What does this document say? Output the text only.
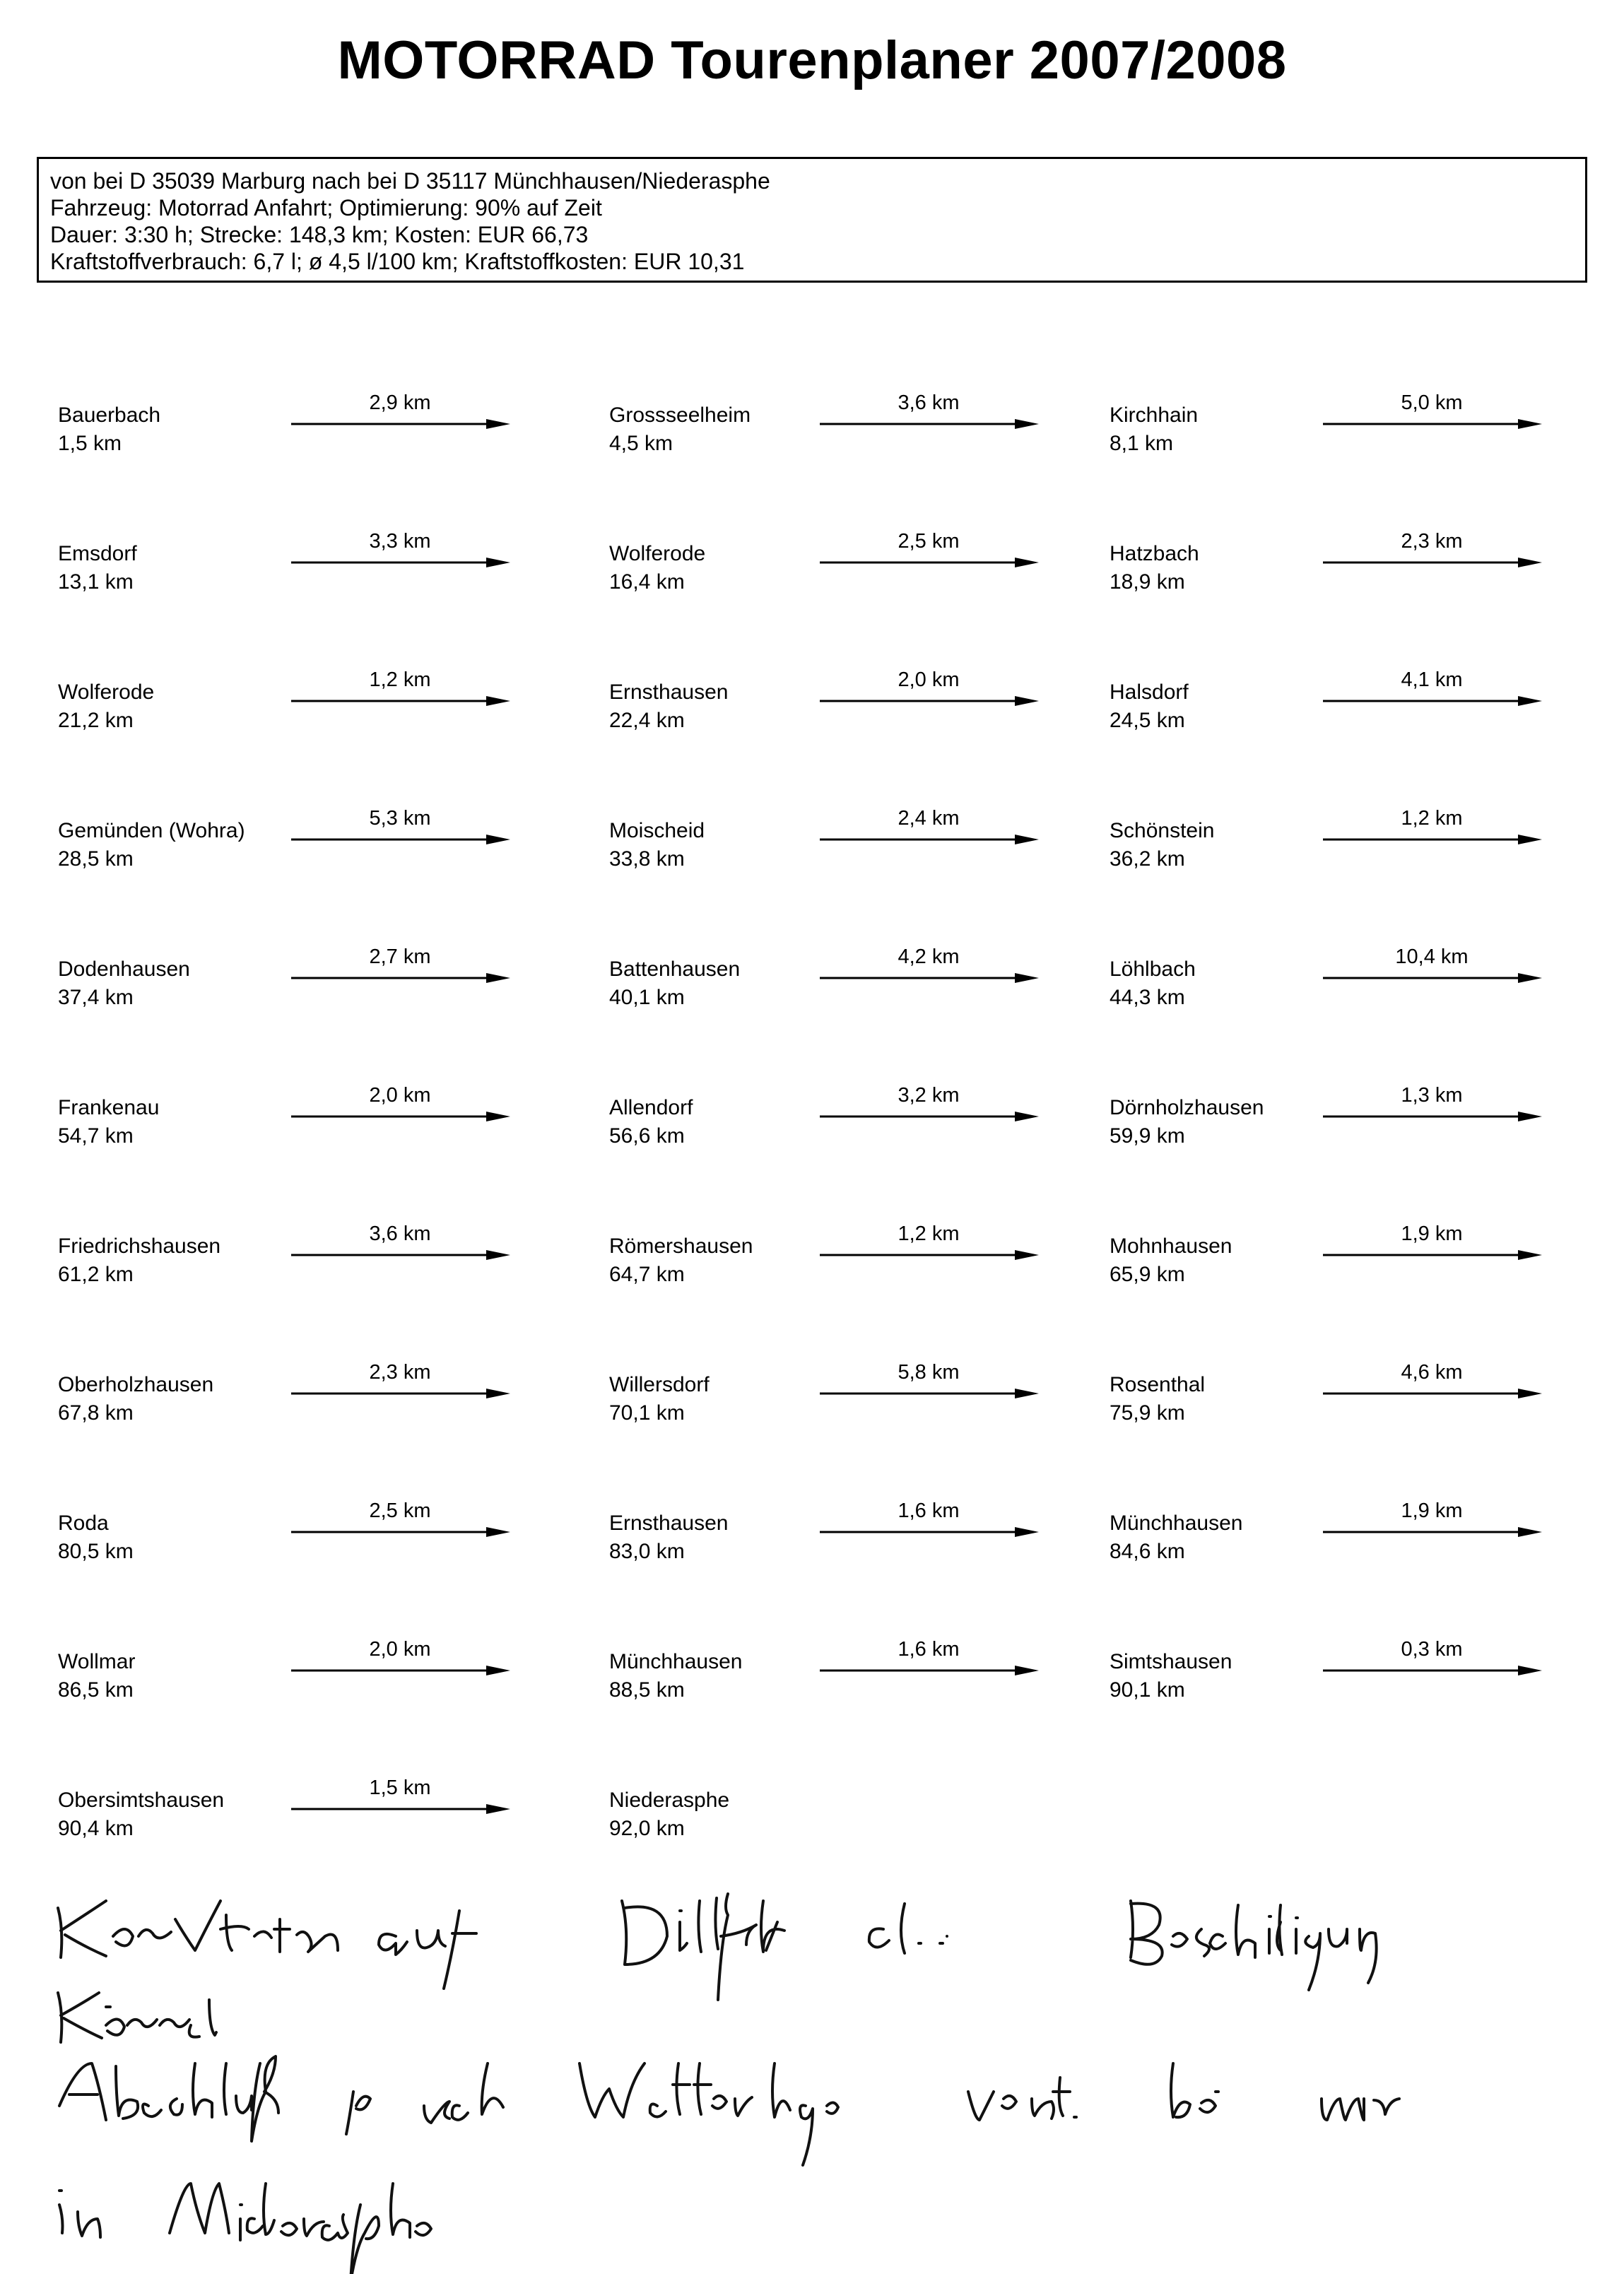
MOTORRAD Tourenplaner 2007/2008
von bei D 35039 Marburg nach bei D 35117 Münchhausen/Niederasphe
Fahrzeug: Motorrad Anfahrt; Optimierung: 90% auf Zeit
Dauer: 3:30 h; Strecke: 148,3 km; Kosten: EUR 66,73
Kraftstoffverbrauch: 6,7 l; ø 4,5 l/100 km; Kraftstoffkosten: EUR 10,31
Bauerbach
1,5 km
2,9 km
Grossseelheim
4,5 km
3,6 km
Kirchhain
8,1 km
5,0 km
Emsdorf
13,1 km
3,3 km
Wolferode
16,4 km
2,5 km
Hatzbach
18,9 km
2,3 km
Wolferode
21,2 km
1,2 km
Ernsthausen
22,4 km
2,0 km
Halsdorf
24,5 km
4,1 km
Gemünden (Wohra)
28,5 km
5,3 km
Moischeid
33,8 km
2,4 km
Schönstein
36,2 km
1,2 km
Dodenhausen
37,4 km
2,7 km
Battenhausen
40,1 km
4,2 km
Löhlbach
44,3 km
10,4 km
Frankenau
54,7 km
2,0 km
Allendorf
56,6 km
3,2 km
Dörnholzhausen
59,9 km
1,3 km
Friedrichshausen
61,2 km
3,6 km
Römershausen
64,7 km
1,2 km
Mohnhausen
65,9 km
1,9 km
Oberholzhausen
67,8 km
2,3 km
Willersdorf
70,1 km
5,8 km
Rosenthal
75,9 km
4,6 km
Roda
80,5 km
2,5 km
Ernsthausen
83,0 km
1,6 km
Münchhausen
84,6 km
1,9 km
Wollmar
86,5 km
2,0 km
Münchhausen
88,5 km
1,6 km
Simtshausen
90,1 km
0,3 km
Obersimtshausen
90,4 km
1,5 km
Niederasphe
92,0 km
